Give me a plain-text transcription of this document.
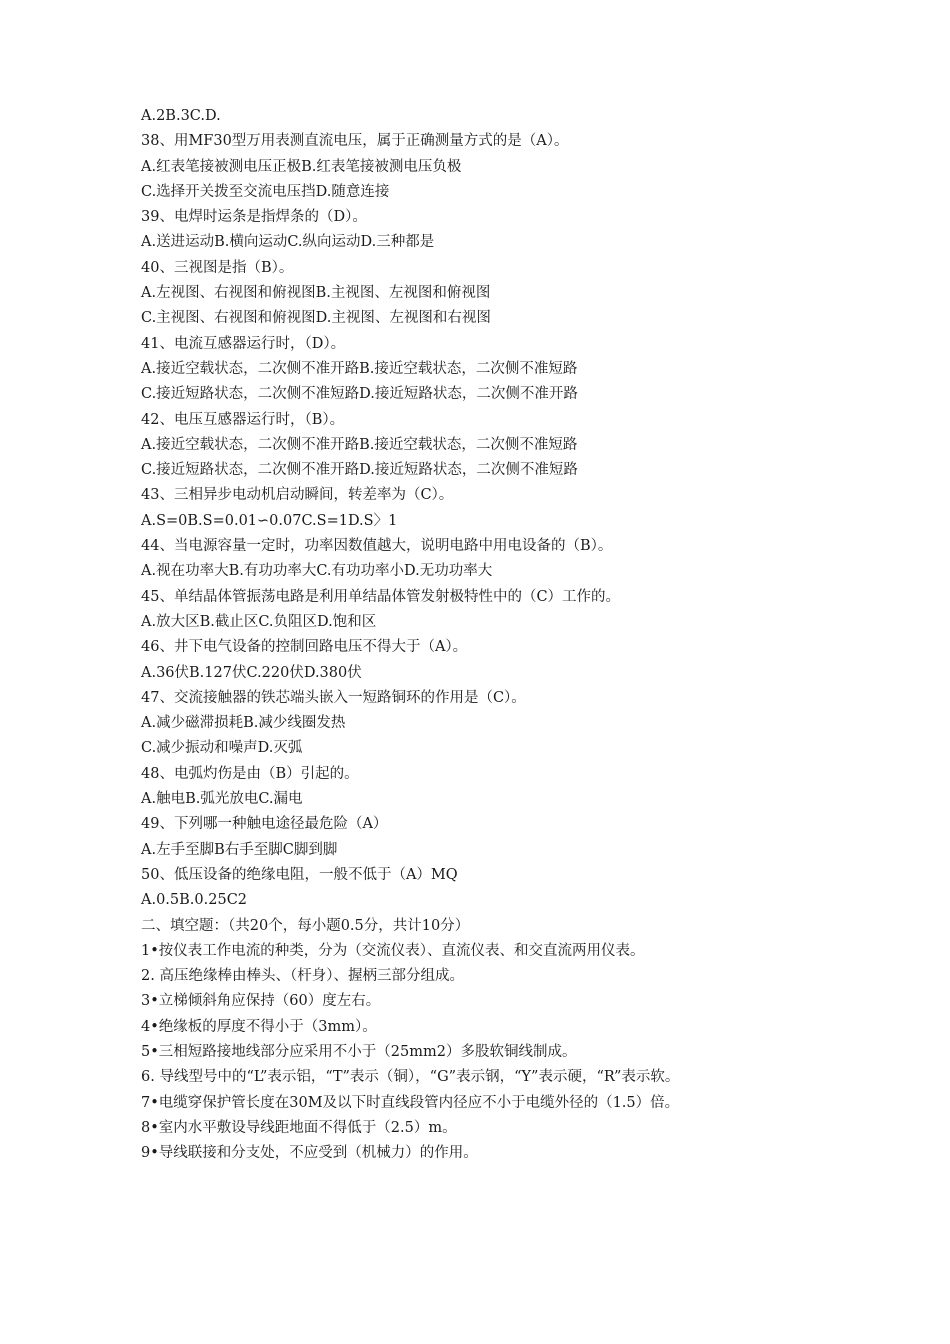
A.2B.3C.D.
38、用MF30型万用表测直流电压，属于正确测量方式的是（A）。
A.红表笔接被测电压正极B.红表笔接被测电压负极
C.选择开关拨至交流电压挡D.随意连接
39、电焊时运条是指焊条的（D）。
A.送进运动B.横向运动C.纵向运动D.三种都是
40、三视图是指（B）。
A.左视图、右视图和俯视图B.主视图、左视图和俯视图
C.主视图、右视图和俯视图D.主视图、左视图和右视图
41、电流互感器运行时，（D）。
A.接近空载状态，二次侧不准开路B.接近空载状态，二次侧不准短路
C.接近短路状态，二次侧不准短路D.接近短路状态，二次侧不准开路
42、电压互感器运行时，（B）。
A.接近空载状态，二次侧不准开路B.接近空载状态，二次侧不准短路
C.接近短路状态，二次侧不准开路D.接近短路状态，二次侧不准短路
43、三相异步电动机启动瞬间，转差率为（C）。
A.S=0B.S=0.01∽0.07C.S=1D.S〉1
44、当电源容量一定时，功率因数值越大，说明电路中用电设备的（B）。
A.视在功率大B.有功功率大C.有功功率小D.无功功率大
45、单结晶体管振荡电路是利用单结晶体管发射极特性中的（C）工作的。
A.放大区B.截止区C.负阻区D.饱和区
46、井下电气设备的控制回路电压不得大于（A）。
A.36伏B.127伏C.220伏D.380伏
47、交流接触器的铁芯端头嵌入一短路铜环的作用是（C）。
A.减少磁滞损耗B.减少线圈发热
C.减少振动和噪声D.灭弧
48、电弧灼伤是由（B）引起的。
A.触电B.弧光放电C.漏电
49、下列哪一种触电途径最危险（A）
A.左手至脚B右手至脚C脚到脚
50、低压设备的绝缘电阻，一般不低于（A）MQ
A.0.5B.0.25C2
二、填空题：（共20个，每小题0.5分，共计10分）
1•按仪表工作电流的种类，分为（交流仪表）、直流仪表、和交直流两用仪表。
2. 高压绝缘棒由棒头、（杆身）、握柄三部分组成。
3•立梯倾斜角应保持（60）度左右。
4•绝缘板的厚度不得小于（3mm）。
5•三相短路接地线部分应采用不小于（25mm2）多股软铜线制成。
6. 导线型号中的“L”表示铝，“T”表示（铜），“G”表示钢，“Y”表示硬，“R”表示软。
7•电缆穿保护管长度在30M及以下时直线段管内径应不小于电缆外径的（1.5）倍。
8•室内水平敷设导线距地面不得低于（2.5）m。
9•导线联接和分支处，不应受到（机械力）的作用。
